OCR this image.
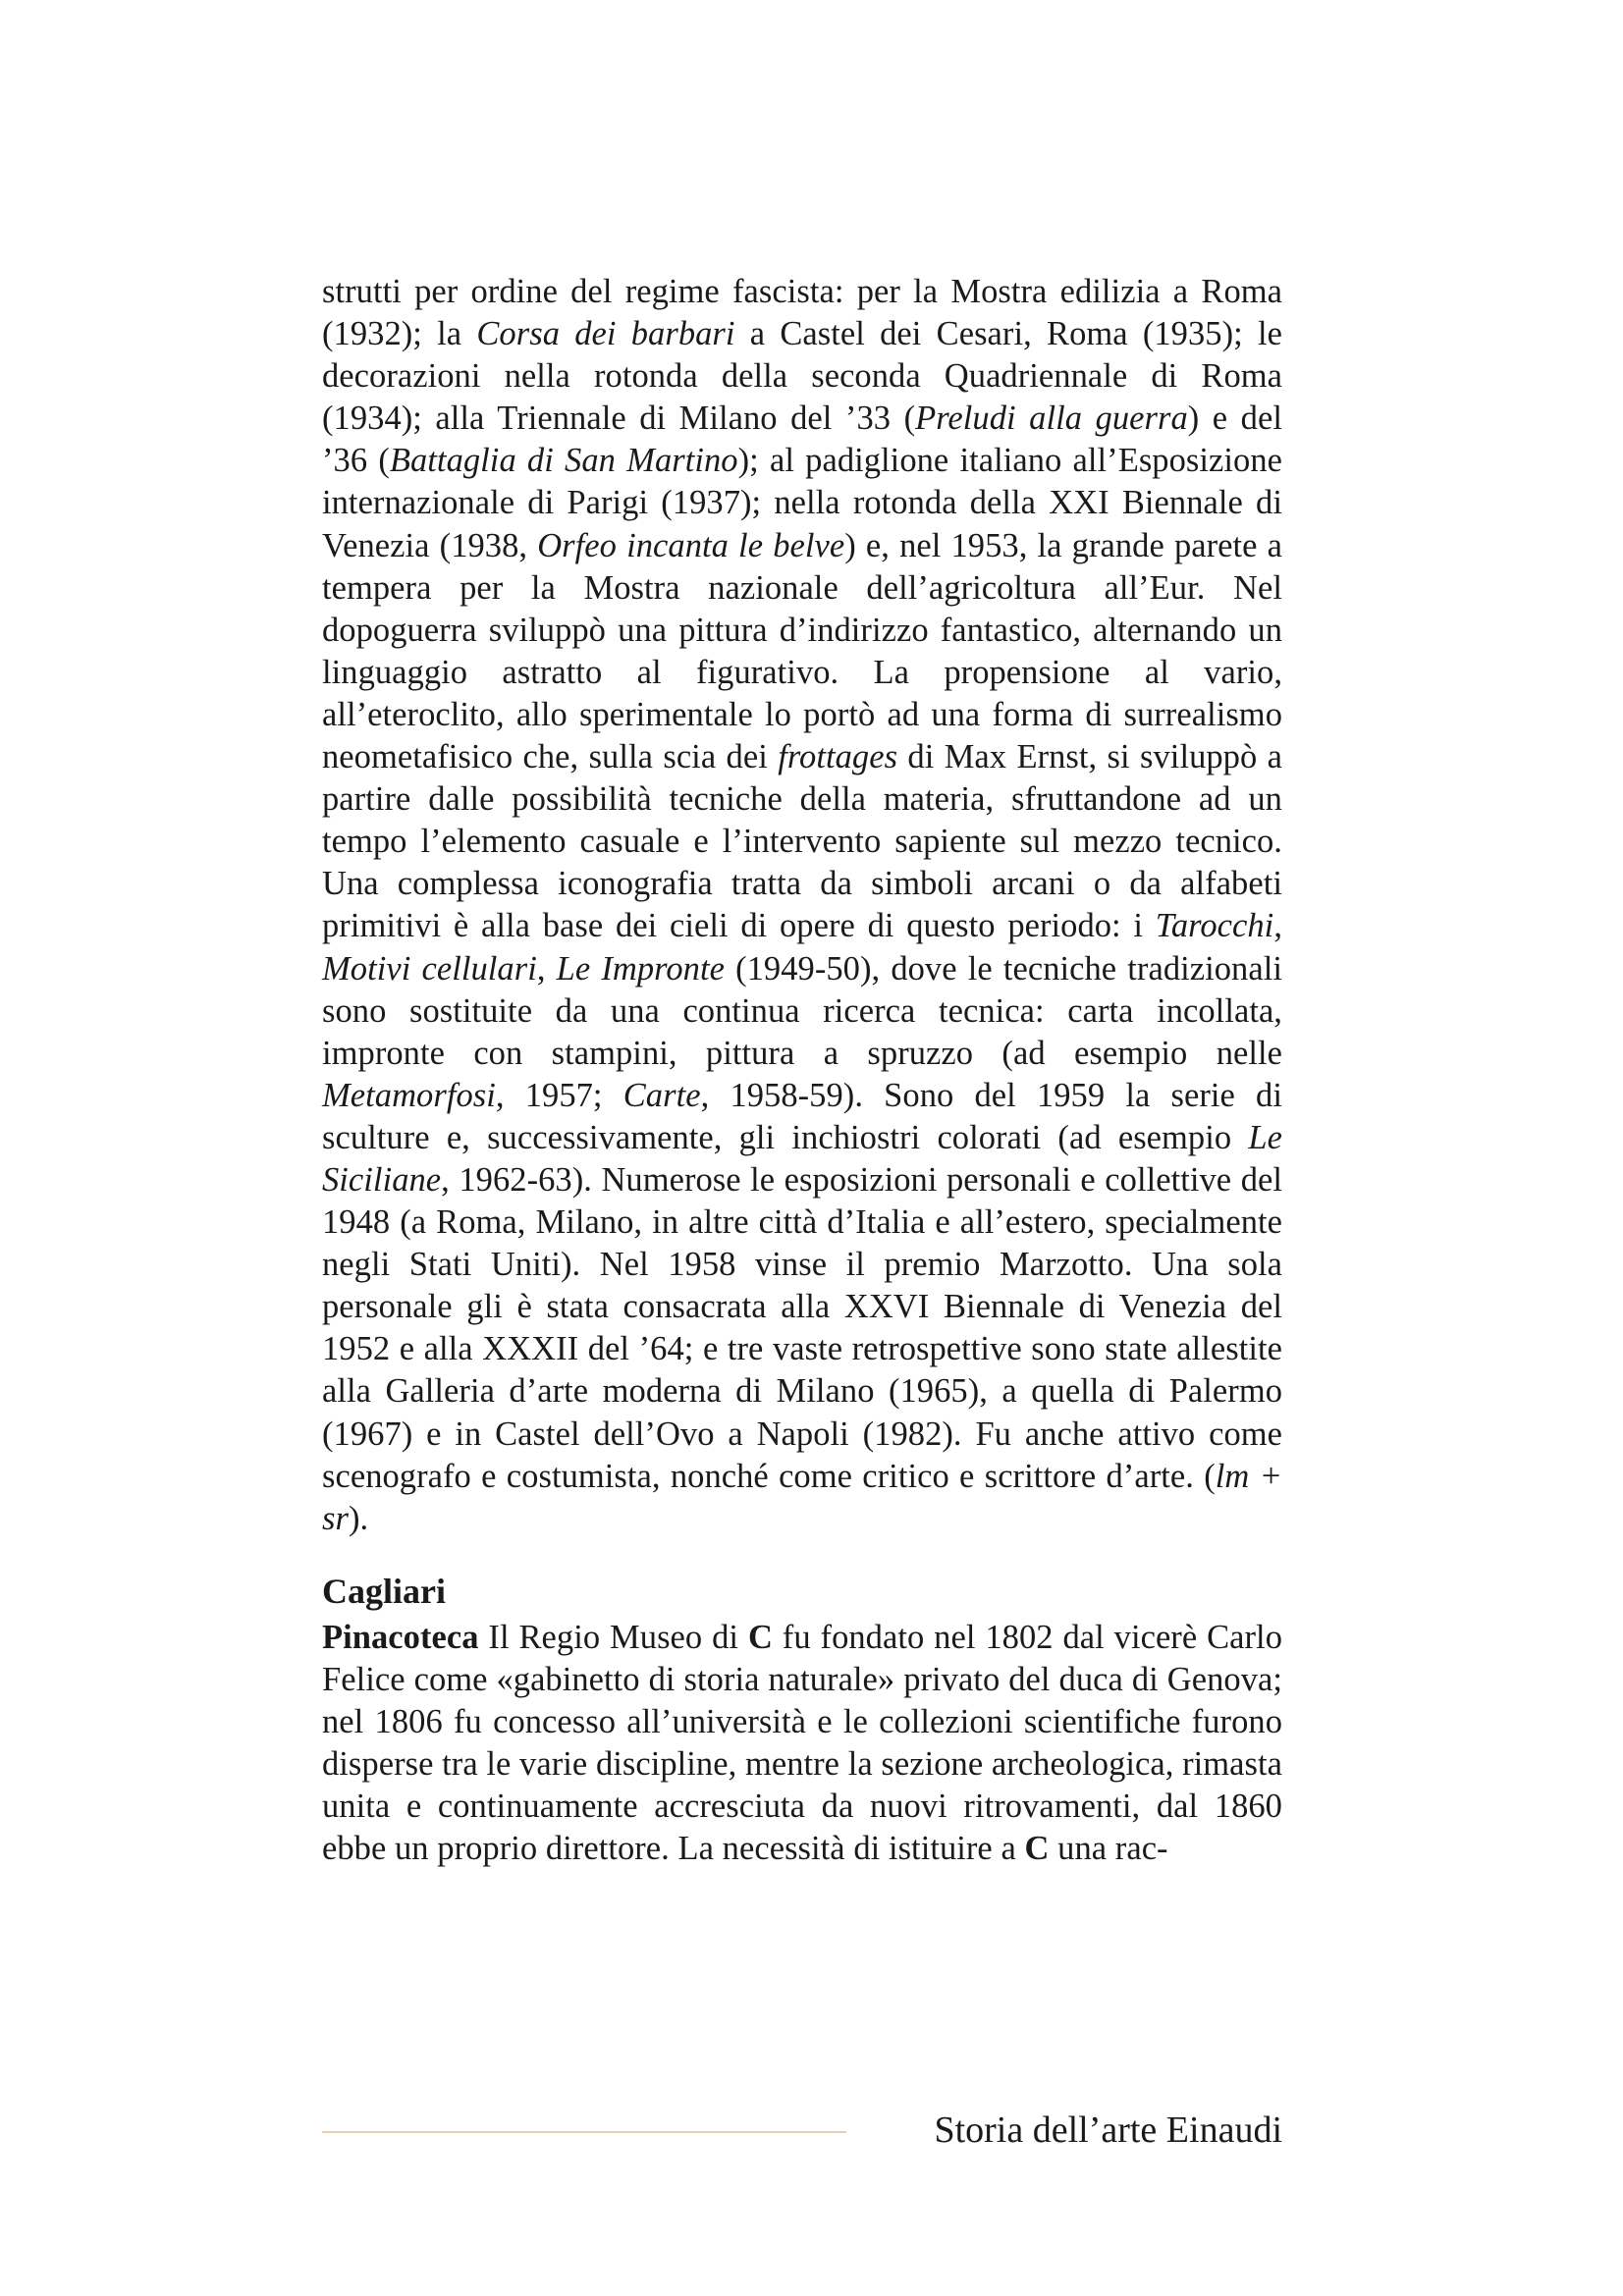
strutti per ordine del regime fascista: per la Mostra edilizia a Roma (1932); la Corsa dei barbari a Castel dei Cesari, Roma (1935); le decorazioni nella rotonda della seconda Quadriennale di Roma (1934); alla Triennale di Milano del ’33 (Preludi alla guerra) e del ’36 (Battaglia di San Martino); al padiglione italiano all’Esposizione internazionale di Parigi (1937); nella rotonda della XXI Biennale di Venezia (1938, Orfeo incanta le belve) e, nel 1953, la grande parete a tempera per la Mostra nazionale dell’agricoltura all’Eur. Nel dopoguerra sviluppò una pittura d’indirizzo fantastico, alternando un linguaggio astratto al figurativo. La propensione al vario, all’eteroclito, allo sperimentale lo portò ad una forma di surrealismo neometafisico che, sulla scia dei frottages di Max Ernst, si sviluppò a partire dalle possibilità tecniche della materia, sfruttandone ad un tempo l’elemento casuale e l’intervento sapiente sul mezzo tecnico. Una complessa iconografia tratta da simboli arcani o da alfabeti primitivi è alla base dei cieli di opere di questo periodo: i Tarocchi, Motivi cellulari, Le Impronte (1949-50), dove le tecniche tradizionali sono sostituite da una continua ricerca tecnica: carta incollata, impronte con stampini, pittura a spruzzo (ad esempio nelle Metamorfosi, 1957; Carte, 1958-59). Sono del 1959 la serie di sculture e, successivamente, gli inchiostri colorati (ad esempio Le Siciliane, 1962-63). Numerose le esposizioni personali e collettive del 1948 (a Roma, Milano, in altre città d’Italia e all’estero, specialmente negli Stati Uniti). Nel 1958 vinse il premio Marzotto. Una sola personale gli è stata consacrata alla XXVI Biennale di Venezia del 1952 e alla XXXII del ’64; e tre vaste retrospettive sono state allestite alla Galleria d’arte moderna di Milano (1965), a quella di Palermo (1967) e in Castel dell’Ovo a Napoli (1982). Fu anche attivo come scenografo e costumista, nonché come critico e scrittore d’arte. (lm + sr).

Cagliari

Pinacoteca Il Regio Museo di C fu fondato nel 1802 dal vicerè Carlo Felice come «gabinetto di storia naturale» privato del duca di Genova; nel 1806 fu concesso all’università e le collezioni scientifiche furono disperse tra le varie discipline, mentre la sezione archeologica, rimasta unita e continuamente accresciuta da nuovi ritrovamenti, dal 1860 ebbe un proprio direttore. La necessità di istituire a C una rac-

Storia dell’arte Einaudi
